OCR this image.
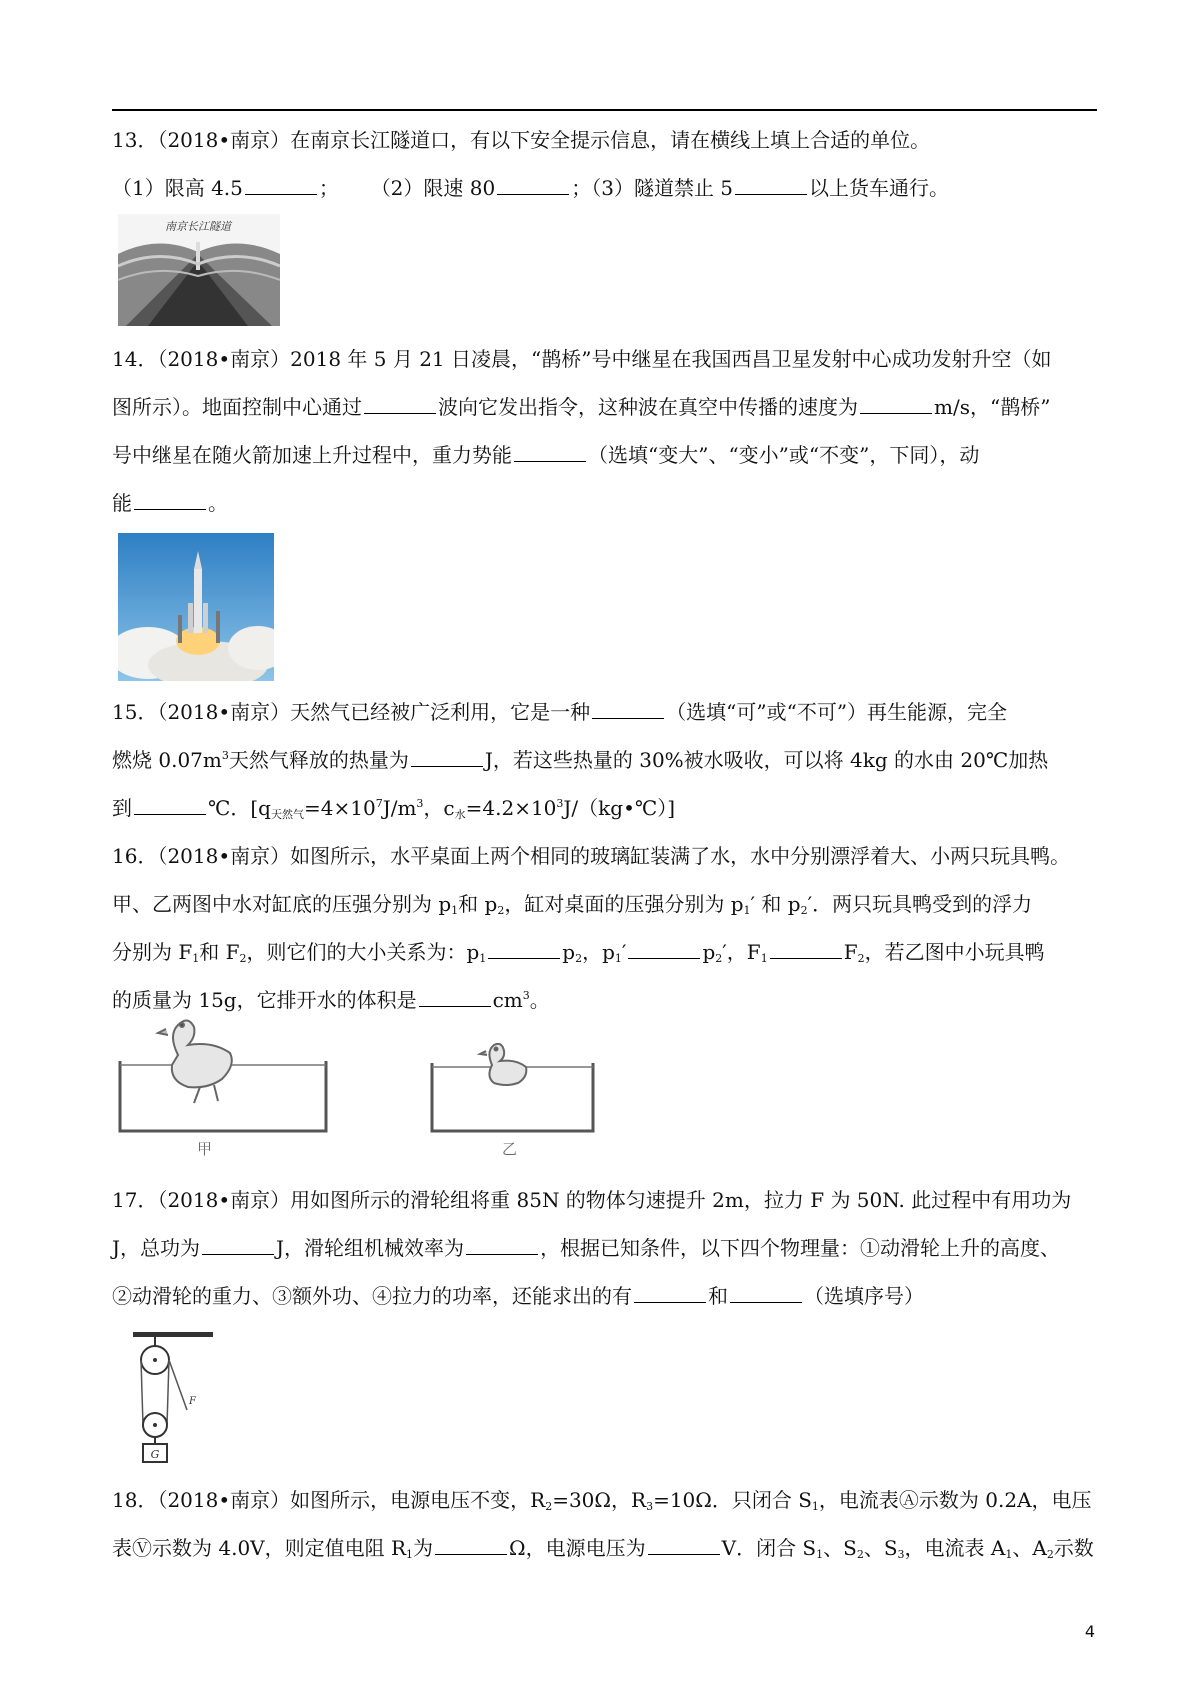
13．（2018•南京）在南京长江隧道口，有以下安全提示信息，请在横线上填上合适的单位。
（1）限高 4.5	； （2）限速 80	；（3）隧道禁止 5	以上货车通行。
南京长江隧道
14．（2018•南京）2018 年 5 月 21 日凌晨，“鹊桥”号中继星在我国西昌卫星发射中心成功发射升空（如
图所示）。地面控制中心通过	波向它发出指令，这种波在真空中传播的速度为	m/s，“鹊桥”
号中继星在随火箭加速上升过程中，重力势能	（选填“变大”、“变小”或“不变”，下同），动
能	。
15．（2018•南京）天然气已经被广泛利用，它是一种	（选填“可”或“不可”）再生能源，完全
燃烧 $0.07m^3$天然气释放的热量为	J，若这些热量的 30%被水吸收，可以将 4kg 的水由 20℃加热
到	℃．[$q_{天然气}=4\times 10^7J/m^3$，$c_水=4.2\times 10^3J/(kg•℃)$]
16．（2018•南京）如图所示，水平桌面上两个相同的玻璃缸装满了水，水中分别漂浮着大、小两只玩具鸭。
甲、乙两图中水对缸底的压强分别为 $p_1$和 $p_2$，缸对桌面的压强分别为 $p_1'$ 和 $p_2'$．两只玩具鸭受到的浮力
分别为 $F_1$和 $F_2$，则它们的大小关系为：$p_1$	$p_2$，$p_1'$	$p_2'$，$F_1$	$F_2$，若乙图中小玩具鸭
的质量为 15g，它排开水的体积是	$cm^3$。
甲	乙
17．（2018•南京）用如图所示的滑轮组将重 85N 的物体匀速提升 2m，拉力 F 为 50N. 此过程中有用功为
J，总功为	J，滑轮组机械效率为	，根据已知条件，以下四个物理量：①动滑轮上升的高度、
②动滑轮的重力、③额外功、④拉力的功率，还能求出的有	和	（选填序号）
G
F
18．（2018•南京）如图所示，电源电压不变，$R_2=30\Omega$，$R_3=10\Omega$．只闭合 $S_1$，电流表Ⓐ示数为 0.2A，电压
表Ⓥ示数为 4.0V，则定值电阻 $R_1$为	Ω，电源电压为	V．闭合 $S_1$、$S_2$、$S_3$，电流表 $A_1$、$A_2$示数
4
